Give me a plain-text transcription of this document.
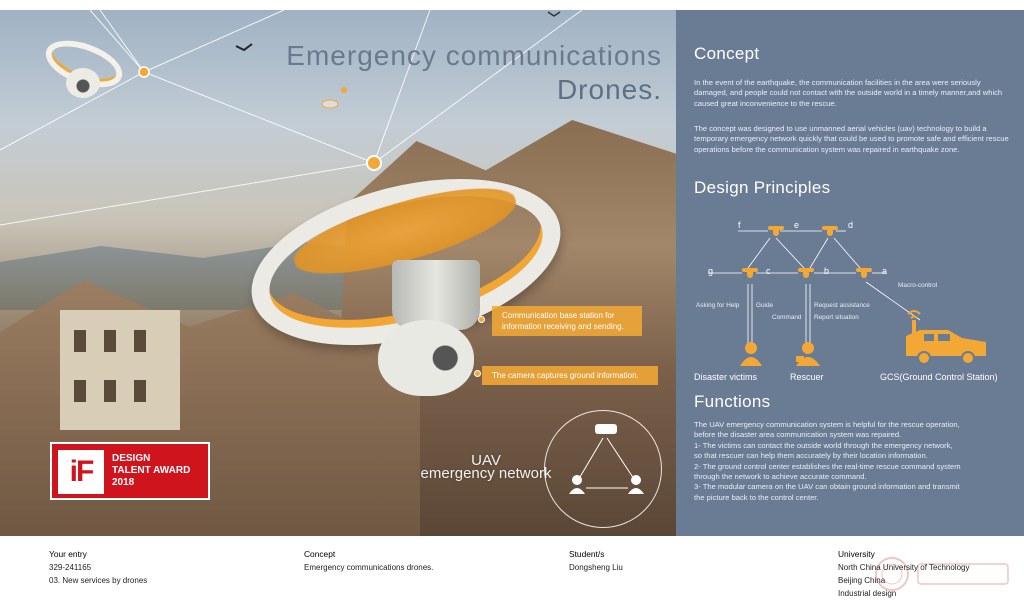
Emergency communications
Drones.
Communication base station for information receiving and sending.
The camera captures ground information.
UAV
emergency network
iF	DESIGN
TALENT AWARD
2018
Concept
In the event of the earthquake, the communication facilities in the area were seriously damaged, and people could not contact with the outside world in a timely manner,and which caused great inconvenience to the rescue.
The concept was designed to use unmanned aerial vehicles (uav) technology to build a temporary emergency network quickly that could be used to promote safe and efficient rescue operations before the communication system was repaired in earthquake zone.
Design Principles
f	e	d
g	c	b	a
Asking for Help	Guide
Command
Request assistance
Report situation
Macro-control
Disaster victims	Rescuer	GCS(Ground Control Station)
Functions
The UAV emergency communication system is helpful for the rescue operation,
before the disaster area communication system was repaired.
1- The victims can contact the outside world through the emergency network,
so that rescuer can help them accurately by their location information.
2- The ground control center establishes the real-time rescue command system
through the network to achieve accurate command.
3- The modular camera on the UAV can obtain ground information and transmit
the picture back to the control center.
Your entry
329-241165
03. New services by drones
Concept
Emergency communications drones.
Student/s
Dongsheng Liu
University
North China University of Technology
Beijing China
Industrial design
